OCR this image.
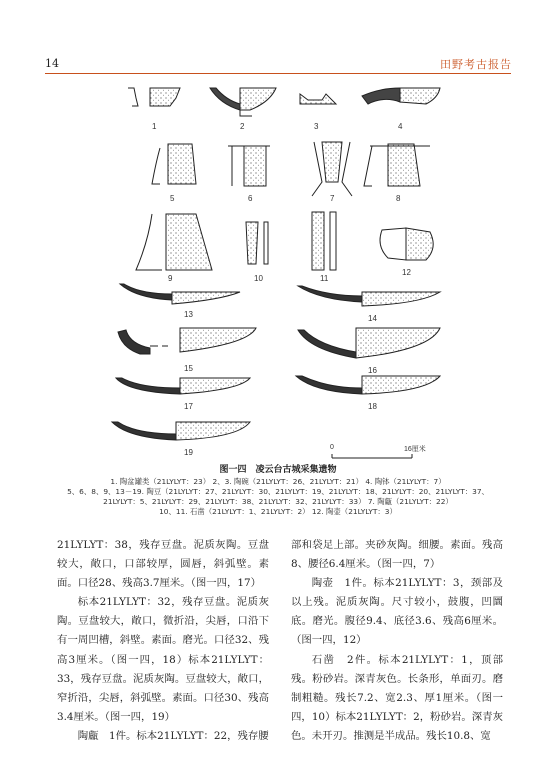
14	田野考古报告
1	2	3	4
5	6	7	8
9	10	11
12
13	14
15	16
17	18
19
0	16厘米
图一四　凌云台古城采集遗物
1. 陶盆罐类（21LYLYT：23） 2、3. 陶碗（21LYLYT：26、21LYLYT：21） 4. 陶钵（21LYLYT：7）
5、6、8、9、13－19. 陶豆（21LYLYT：27、21LYLYT：30、21LYLYT：19、21LYLYT：18、21LYLYT：20、21LYLYT：37、
21LYLYT：5、21LYLYT：29、21LYLYT：38、21LYLYT：32、21LYLYT：33） 7. 陶甗（21LYLYT：22）
10、11. 石凿（21LYLYT：1、21LYLYT：2） 12. 陶壶（21LYLYT：3）

21LYLYT：38，残存豆盘。泥质灰陶。豆盘较大，敞口，口部较厚，圆唇，斜弧壁。素面。口径28、残高3.7厘米。（图一四，17）

标本21LYLYT：32，残存豆盘。泥质灰陶。豆盘较大，敞口，微折沿，尖唇，口沿下有一周凹槽，斜壁。素面。磨光。口径32、残高3厘米。（图一四，18）标本21LYLYT：33，残存豆盘。泥质灰陶。豆盘较大，敞口，窄折沿，尖唇，斜弧壁。素面。口径30、残高3.4厘米。（图一四，19）

陶甗　1件。标本21LYLYT：22，残存腰

部和袋足上部。夹砂灰陶。细腰。素面。残高8、腰径6.4厘米。（图一四，7）

陶壶　1件。标本21LYLYT：3，颈部及以上残。泥质灰陶。尺寸较小，鼓腹，凹圜底。磨光。腹径9.4、底径3.6、残高6厘米。（图一四，12）

石凿　2件。标本21LYLYT：1，顶部残。粉砂岩。深青灰色。长条形，单面刃。磨制粗糙。残长7.2、宽2.3、厚1厘米。（图一四，10）标本21LYLYT：2，粉砂岩。深青灰色。未开刃。推测是半成品。残长10.8、宽
